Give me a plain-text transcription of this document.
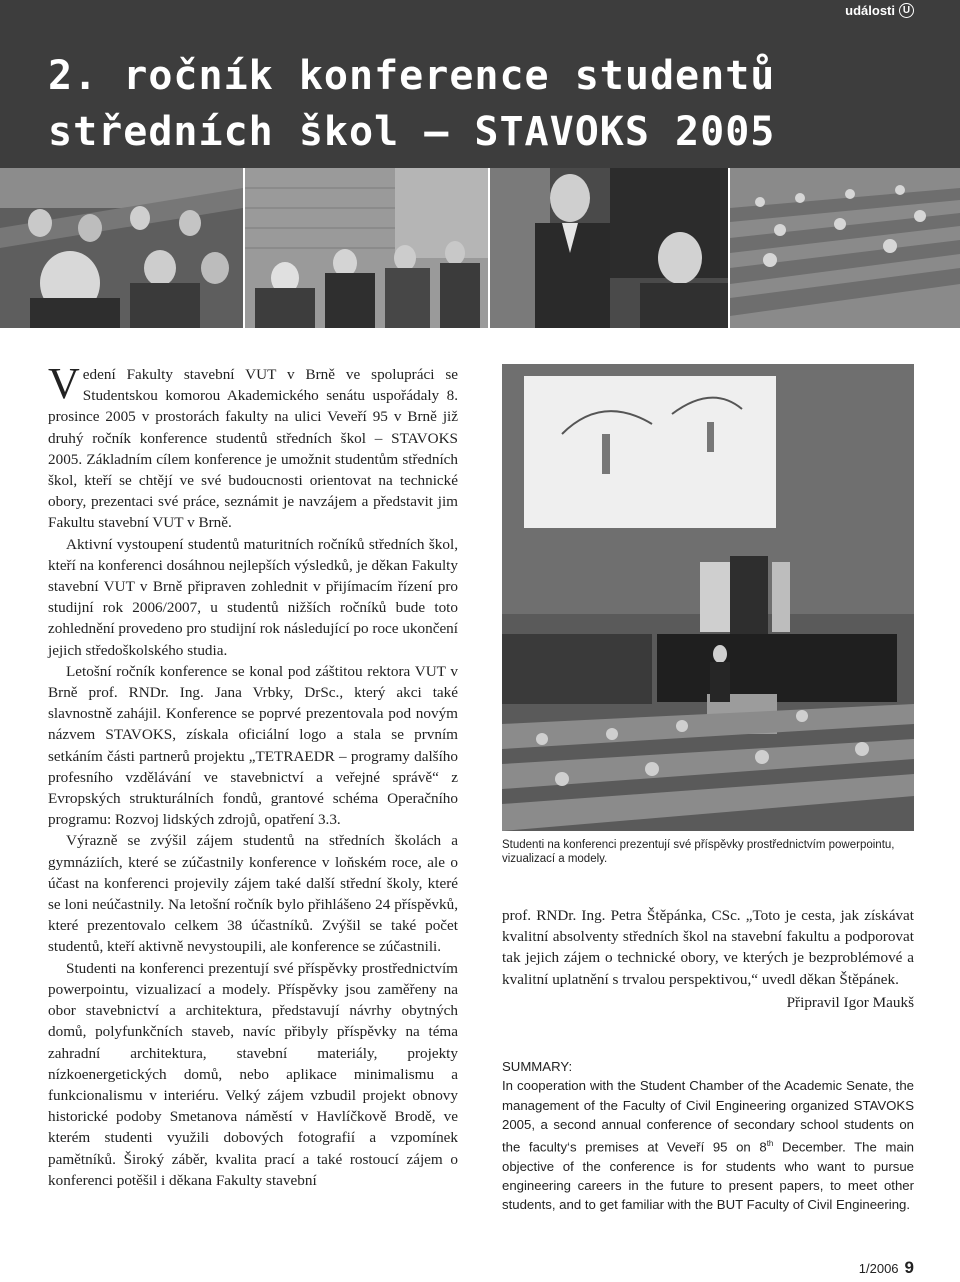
události U
2. ročník konference studentů
středních škol – STAVOKS 2005

Vedení Fakulty stavební VUT v Brně ve spolupráci se Studentskou komorou Akademického senátu uspořádaly 8. prosince 2005 v prostorách fakulty na ulici Veveří 95 v Brně již druhý ročník konference studentů středních škol – STAVOKS 2005. Základním cílem konference je umožnit studentům středních škol, kteří se chtějí ve své budoucnosti orientovat na technické obory, prezentaci své práce, seznámit je navzájem a představit jim Fakultu stavební VUT v Brně.

Aktivní vystoupení studentů maturitních ročníků středních škol, kteří na konferenci dosáhnou nejlepších výsledků, je děkan Fakulty stavební VUT v Brně připraven zohlednit v přijímacím řízení pro studijní rok 2006/2007, u studentů nižších ročníků bude toto zohlednění provedeno pro studijní rok následující po roce ukončení jejich středoškolského studia.

Letošní ročník konference se konal pod záštitou rektora VUT v Brně prof. RNDr. Ing. Jana Vrbky, DrSc., který akci také slavnostně zahájil. Konference se poprvé prezentovala pod novým názvem STAVOKS, získala oficiální logo a stala se prvním setkáním části partnerů projektu „TETRAEDR – programy dalšího profesního vzdělávání ve stavebnictví a veřejné správě“ z Evropských strukturálních fondů, grantové schéma Operačního programu: Rozvoj lidských zdrojů, opatření 3.3.

Výrazně se zvýšil zájem studentů na středních školách a gymnáziích, které se zúčastnily konference v loňském roce, ale o účast na konferenci projevily zájem také další střední školy, které se loni neúčastnily. Na letošní ročník bylo přihlášeno 24 příspěvků, které prezentovalo celkem 38 účastníků. Zvýšil se také počet studentů, kteří aktivně nevystoupili, ale konference se zúčastnili.

Studenti na konferenci prezentují své příspěvky prostřednictvím powerpointu, vizualizací a modely. Příspěvky jsou zaměřeny na obor stavebnictví a architektura, představují návrhy obytných domů, polyfunkčních staveb, navíc přibyly příspěvky na téma zahradní architektura, stavební materiály, projekty nízkoenergetických domů, nebo aplikace minimalismu a funkcionalismu v interiéru. Velký zájem vzbudil projekt obnovy historické podoby Smetanova náměstí v Havlíčkově Brodě, ve kterém studenti využili dobových fotografií a vzpomínek pamětníků. Široký záběr, kvalita prací a také rostoucí zájem o konferenci potěšil i děkana Fakulty stavební

Studenti na konferenci prezentují své příspěvky prostřednictvím powerpointu, vizualizací a modely.

prof. RNDr. Ing. Petra Štěpánka, CSc. „Toto je cesta, jak získávat kvalitní absolventy středních škol na stavební fakultu a podporovat tak jejich zájem o technické obory, ve kterých je bezproblémové a kvalitní uplatnění s trvalou perspektivou,“ uvedl děkan Štěpánek.

Připravil Igor Maukš

SUMMARY:

In cooperation with the Student Chamber of the Academic Senate, the management of the Faculty of Civil Engineering organized STAVOKS 2005, a second annual conference of secondary school students on the faculty‘s premises at Veveří 95 on 8th December. The main objective of the conference is for students who want to pursue engineering careers in the future to present papers, to meet other students, and to get familiar with the BUT Faculty of Civil Engineering.

1/2006 9
